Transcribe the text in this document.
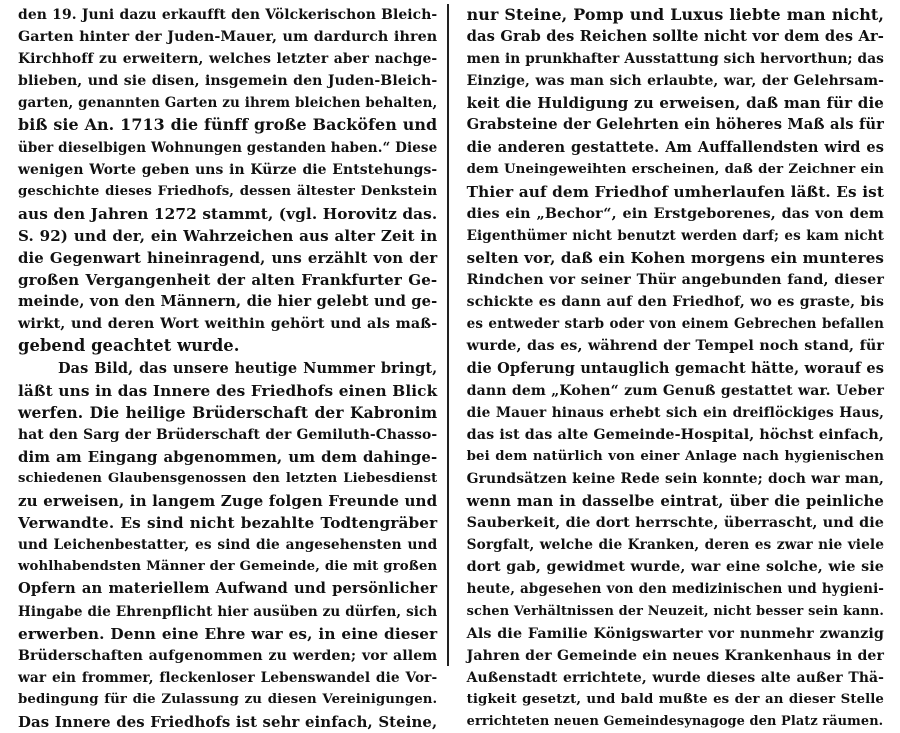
den 19. Juni dazu erkaufft den Völckerischon Bleich-
Garten hinter der Juden-Mauer, um dardurch ihren
Kirchhoff zu erweitern, welches letzter aber nachge-
blieben, und sie disen, insgemein den Juden-Bleich-
garten, genannten Garten zu ihrem bleichen behalten,
biß sie An. 1713 die fünff große Backöfen und
über dieselbigen Wohnungen gestanden haben.“ Diese
wenigen Worte geben uns in Kürze die Entstehungs-
geschichte dieses Friedhofs, dessen ältester Denkstein
aus den Jahren 1272 stammt, (vgl. Horovitz das.
S. 92) und der, ein Wahrzeichen aus alter Zeit in
die Gegenwart hineinragend, uns erzählt von der
großen Vergangenheit der alten Frankfurter Ge-
meinde, von den Männern, die hier gelebt und ge-
wirkt, und deren Wort weithin gehört und als maß-
gebend geachtet wurde.
Das Bild, das unsere heutige Nummer bringt,
läßt uns in das Innere des Friedhofs einen Blick
werfen. Die heilige Brüderschaft der Kabronim
hat den Sarg der Brüderschaft der Gemiluth-Chasso-
dim am Eingang abgenommen, um dem dahinge-
schiedenen Glaubensgenossen den letzten Liebesdienst
zu erweisen, in langem Zuge folgen Freunde und
Verwandte. Es sind nicht bezahlte Todtengräber
und Leichenbestatter, es sind die angesehensten und
wohlhabendsten Männer der Gemeinde, die mit großen
Opfern an materiellem Aufwand und persönlicher
Hingabe die Ehrenpflicht hier ausüben zu dürfen, sich
erwerben. Denn eine Ehre war es, in eine dieser
Brüderschaften aufgenommen zu werden; vor allem
war ein frommer, fleckenloser Lebenswandel die Vor-
bedingung für die Zulassung zu diesen Vereinigungen.
Das Innere des Friedhofs ist sehr einfach, Steine,
nur Steine, Pomp und Luxus liebte man nicht,
das Grab des Reichen sollte nicht vor dem des Ar-
men in prunkhafter Ausstattung sich hervorthun; das
Einzige, was man sich erlaubte, war, der Gelehrsam-
keit die Huldigung zu erweisen, daß man für die
Grabsteine der Gelehrten ein höheres Maß als für
die anderen gestattete. Am Auffallendsten wird es
dem Uneingeweihten erscheinen, daß der Zeichner ein
Thier auf dem Friedhof umherlaufen läßt. Es ist
dies ein „Bechor“, ein Erstgeborenes, das von dem
Eigenthümer nicht benutzt werden darf; es kam nicht
selten vor, daß ein Kohen morgens ein munteres
Rindchen vor seiner Thür angebunden fand, dieser
schickte es dann auf den Friedhof, wo es graste, bis
es entweder starb oder von einem Gebrechen befallen
wurde, das es, während der Tempel noch stand, für
die Opferung untauglich gemacht hätte, worauf es
dann dem „Kohen“ zum Genuß gestattet war. Ueber
die Mauer hinaus erhebt sich ein dreiflöckiges Haus,
das ist das alte Gemeinde-Hospital, höchst einfach,
bei dem natürlich von einer Anlage nach hygienischen
Grundsätzen keine Rede sein konnte; doch war man,
wenn man in dasselbe eintrat, über die peinliche
Sauberkeit, die dort herrschte, überrascht, und die
Sorgfalt, welche die Kranken, deren es zwar nie viele
dort gab, gewidmet wurde, war eine solche, wie sie
heute, abgesehen von den medizinischen und hygieni-
schen Verhältnissen der Neuzeit, nicht besser sein kann.
Als die Familie Königswarter vor nunmehr zwanzig
Jahren der Gemeinde ein neues Krankenhaus in der
Außenstadt errichtete, wurde dieses alte außer Thä-
tigkeit gesetzt, und bald mußte es der an dieser Stelle
errichteten neuen Gemeindesynagoge den Platz räumen.
